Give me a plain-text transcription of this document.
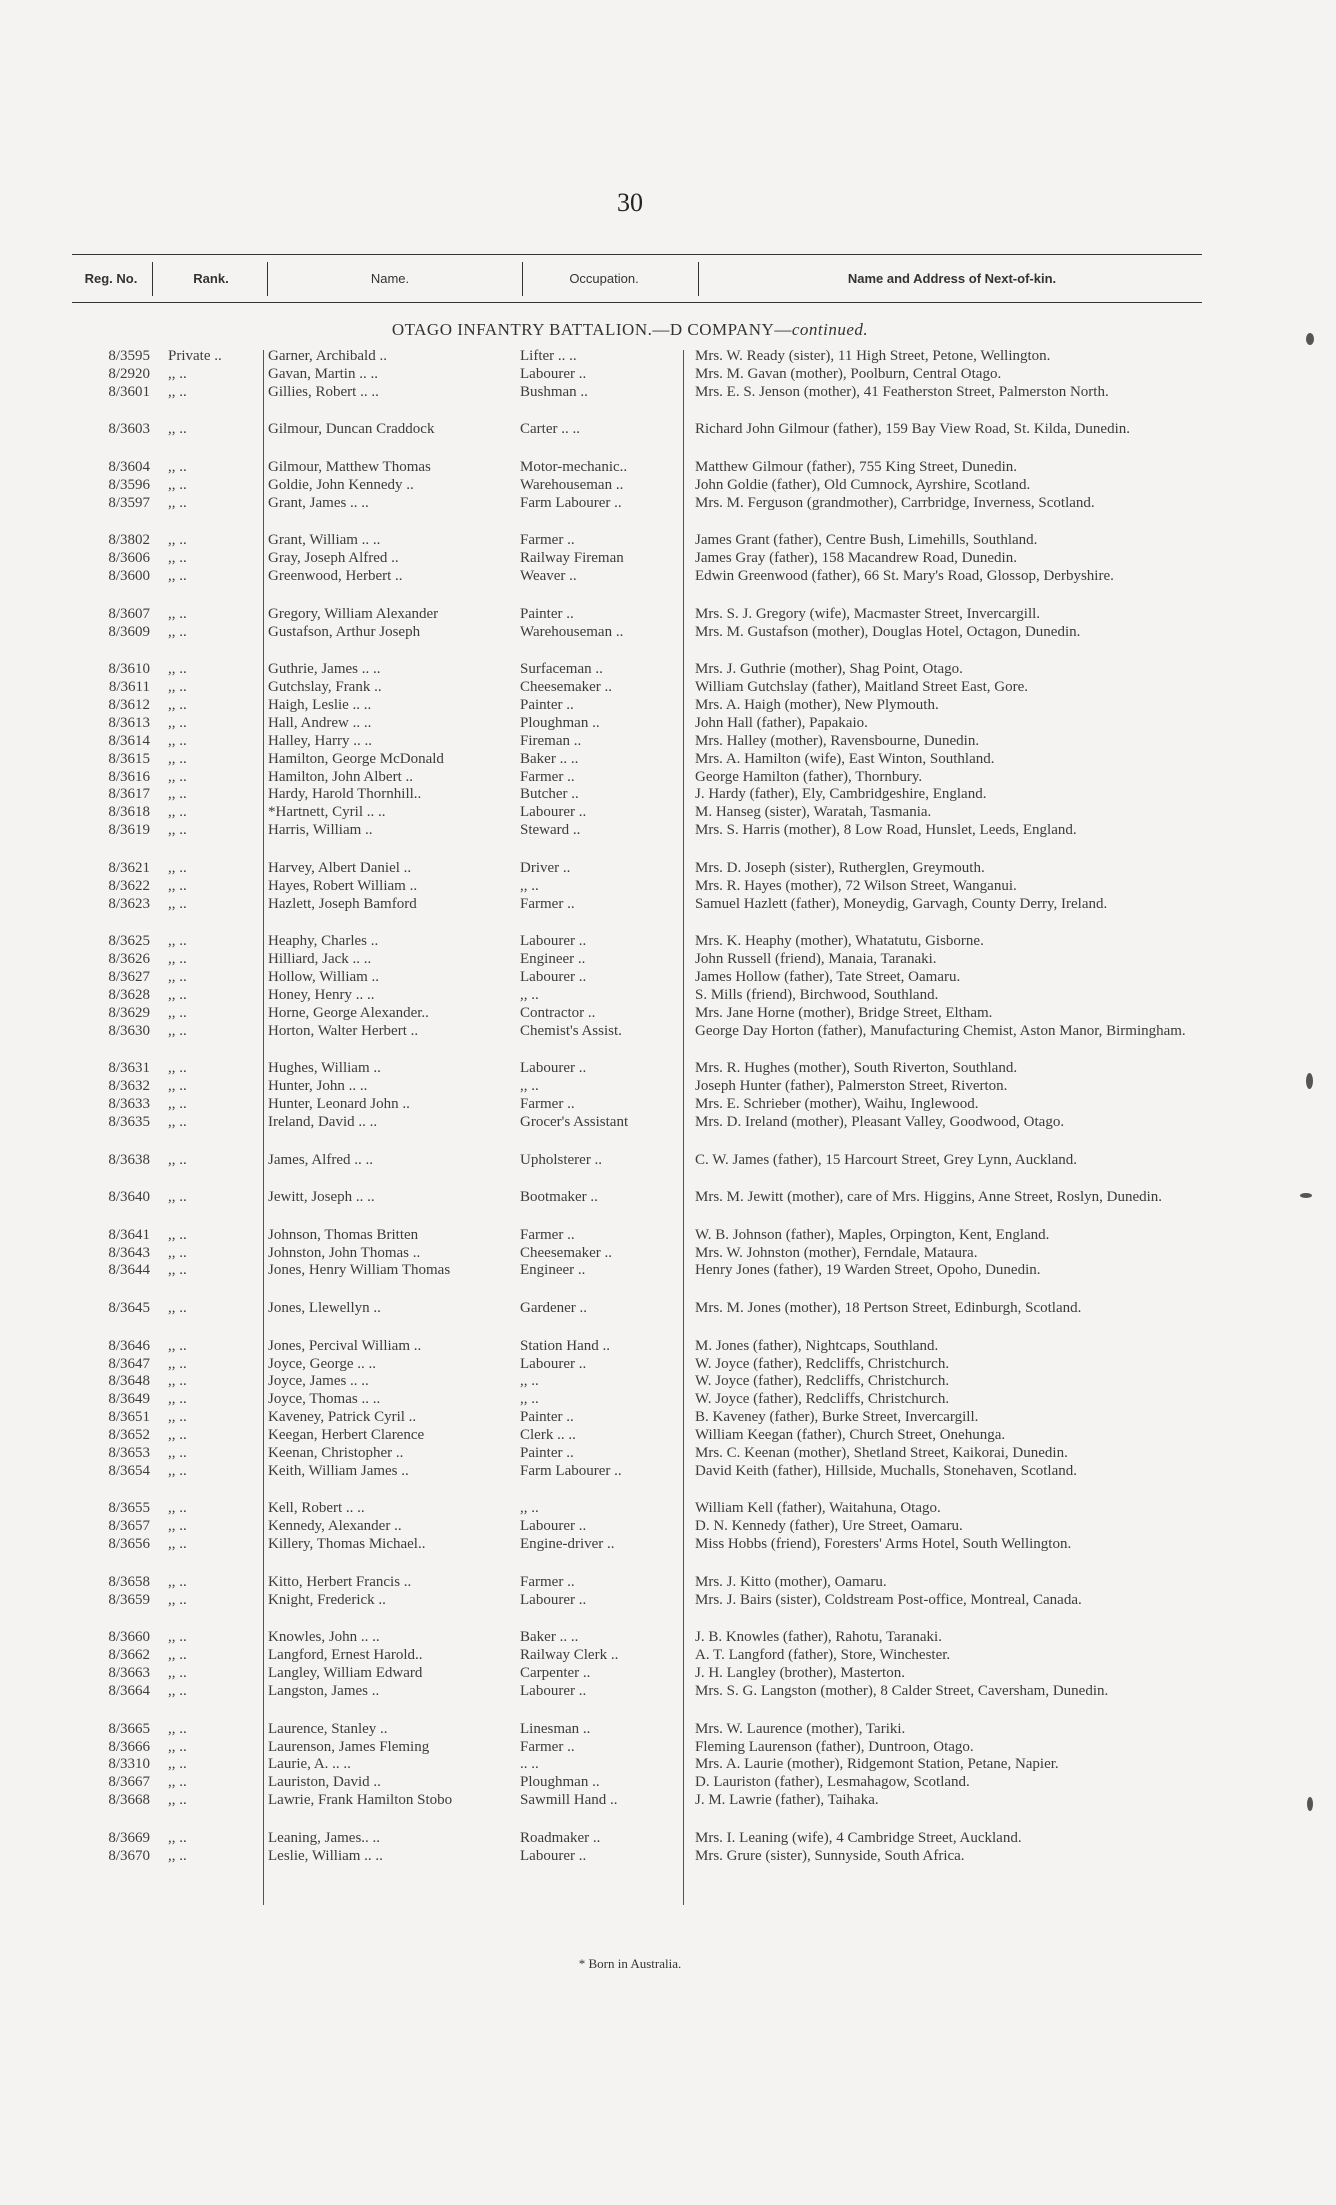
30
Reg. No.	Rank.	Name.	Occupation.	Name and Address of Next-of-kin.
OTAGO INFANTRY BATTALION.—D COMPANY—continued.
8/3595 Private ..	Garner, Archibald ..	Lifter .. ..	Mrs. W. Ready (sister), 11 High Street, Petone, Wellington.
8/2920 ,, ..	Gavan, Martin .. ..	Labourer ..	Mrs. M. Gavan (mother), Poolburn, Central Otago.
8/3601 ,, ..	Gillies, Robert .. ..	Bushman ..	Mrs. E. S. Jenson (mother), 41 Featherston Street, Palmerston North.
8/3603 ,, ..	Gilmour, Duncan Craddock	Carter .. ..	Richard John Gilmour (father), 159 Bay View Road, St. Kilda, Dunedin.
8/3604 ,, ..	Gilmour, Matthew Thomas	Motor-mechanic..	Matthew Gilmour (father), 755 King Street, Dunedin.
8/3596 ,, ..	Goldie, John Kennedy ..	Warehouseman ..	John Goldie (father), Old Cumnock, Ayrshire, Scotland.
8/3597 ,, ..	Grant, James .. ..	Farm Labourer ..	Mrs. M. Ferguson (grandmother), Carrbridge, Inverness, Scotland.
8/3802 ,, ..	Grant, William .. ..	Farmer ..	James Grant (father), Centre Bush, Limehills, Southland.
8/3606 ,, ..	Gray, Joseph Alfred ..	Railway Fireman	James Gray (father), 158 Macandrew Road, Dunedin.
8/3600 ,, ..	Greenwood, Herbert ..	Weaver ..	Edwin Greenwood (father), 66 St. Mary's Road, Glossop, Derbyshire.
8/3607 ,, ..	Gregory, William Alexander	Painter ..	Mrs. S. J. Gregory (wife), Macmaster Street, Invercargill.
8/3609 ,, ..	Gustafson, Arthur Joseph	Warehouseman ..	Mrs. M. Gustafson (mother), Douglas Hotel, Octagon, Dunedin.
8/3610 ,, ..	Guthrie, James .. ..	Surfaceman ..	Mrs. J. Guthrie (mother), Shag Point, Otago.
8/3611 ,, ..	Gutchslay, Frank ..	Cheesemaker ..	William Gutchslay (father), Maitland Street East, Gore.
8/3612 ,, ..	Haigh, Leslie .. ..	Painter ..	Mrs. A. Haigh (mother), New Plymouth.
8/3613 ,, ..	Hall, Andrew .. ..	Ploughman ..	John Hall (father), Papakaio.
8/3614 ,, ..	Halley, Harry .. ..	Fireman ..	Mrs. Halley (mother), Ravensbourne, Dunedin.
8/3615 ,, ..	Hamilton, George McDonald	Baker .. ..	Mrs. A. Hamilton (wife), East Winton, Southland.
8/3616 ,, ..	Hamilton, John Albert ..	Farmer ..	George Hamilton (father), Thornbury.
8/3617 ,, ..	Hardy, Harold Thornhill..	Butcher ..	J. Hardy (father), Ely, Cambridgeshire, England.
8/3618 ,, ..	*Hartnett, Cyril .. ..	Labourer ..	M. Hanseg (sister), Waratah, Tasmania.
8/3619 ,, ..	Harris, William ..	Steward ..	Mrs. S. Harris (mother), 8 Low Road, Hunslet, Leeds, England.
8/3621 ,, ..	Harvey, Albert Daniel ..	Driver ..	Mrs. D. Joseph (sister), Rutherglen, Greymouth.
8/3622 ,, ..	Hayes, Robert William ..	,, ..	Mrs. R. Hayes (mother), 72 Wilson Street, Wanganui.
8/3623 ,, ..	Hazlett, Joseph Bamford	Farmer ..	Samuel Hazlett (father), Moneydig, Garvagh, County Derry, Ireland.
8/3625 ,, ..	Heaphy, Charles ..	Labourer ..	Mrs. K. Heaphy (mother), Whatatutu, Gisborne.
8/3626 ,, ..	Hilliard, Jack .. ..	Engineer ..	John Russell (friend), Manaia, Taranaki.
8/3627 ,, ..	Hollow, William ..	Labourer ..	James Hollow (father), Tate Street, Oamaru.
8/3628 ,, ..	Honey, Henry .. ..	,, ..	S. Mills (friend), Birchwood, Southland.
8/3629 ,, ..	Horne, George Alexander..	Contractor ..	Mrs. Jane Horne (mother), Bridge Street, Eltham.
8/3630 ,, ..	Horton, Walter Herbert ..	Chemist's Assist.	George Day Horton (father), Manufacturing Chemist, Aston Manor, Birmingham.
8/3631 ,, ..	Hughes, William ..	Labourer ..	Mrs. R. Hughes (mother), South Riverton, Southland.
8/3632 ,, ..	Hunter, John .. ..	,, ..	Joseph Hunter (father), Palmerston Street, Riverton.
8/3633 ,, ..	Hunter, Leonard John ..	Farmer ..	Mrs. E. Schrieber (mother), Waihu, Inglewood.
8/3635 ,, ..	Ireland, David .. ..	Grocer's Assistant	Mrs. D. Ireland (mother), Pleasant Valley, Goodwood, Otago.
8/3638 ,, ..	James, Alfred .. ..	Upholsterer ..	C. W. James (father), 15 Harcourt Street, Grey Lynn, Auckland.
8/3640 ,, ..	Jewitt, Joseph .. ..	Bootmaker ..	Mrs. M. Jewitt (mother), care of Mrs. Higgins, Anne Street, Roslyn, Dunedin.
8/3641 ,, ..	Johnson, Thomas Britten	Farmer ..	W. B. Johnson (father), Maples, Orpington, Kent, England.
8/3643 ,, ..	Johnston, John Thomas ..	Cheesemaker ..	Mrs. W. Johnston (mother), Ferndale, Mataura.
8/3644 ,, ..	Jones, Henry William Thomas	Engineer ..	Henry Jones (father), 19 Warden Street, Opoho, Dunedin.
8/3645 ,, ..	Jones, Llewellyn ..	Gardener ..	Mrs. M. Jones (mother), 18 Pertson Street, Edinburgh, Scotland.
8/3646 ,, ..	Jones, Percival William ..	Station Hand ..	M. Jones (father), Nightcaps, Southland.
8/3647 ,, ..	Joyce, George .. ..	Labourer ..	W. Joyce (father), Redcliffs, Christchurch.
8/3648 ,, ..	Joyce, James .. ..	,, ..	W. Joyce (father), Redcliffs, Christchurch.
8/3649 ,, ..	Joyce, Thomas .. ..	,, ..	W. Joyce (father), Redcliffs, Christchurch.
8/3651 ,, ..	Kaveney, Patrick Cyril ..	Painter ..	B. Kaveney (father), Burke Street, Invercargill.
8/3652 ,, ..	Keegan, Herbert Clarence	Clerk .. ..	William Keegan (father), Church Street, Onehunga.
8/3653 ,, ..	Keenan, Christopher ..	Painter ..	Mrs. C. Keenan (mother), Shetland Street, Kaikorai, Dunedin.
8/3654 ,, ..	Keith, William James ..	Farm Labourer ..	David Keith (father), Hillside, Muchalls, Stonehaven, Scotland.
8/3655 ,, ..	Kell, Robert .. ..	,, ..	William Kell (father), Waitahuna, Otago.
8/3657 ,, ..	Kennedy, Alexander ..	Labourer ..	D. N. Kennedy (father), Ure Street, Oamaru.
8/3656 ,, ..	Killery, Thomas Michael..	Engine-driver ..	Miss Hobbs (friend), Foresters' Arms Hotel, South Wellington.
8/3658 ,, ..	Kitto, Herbert Francis ..	Farmer ..	Mrs. J. Kitto (mother), Oamaru.
8/3659 ,, ..	Knight, Frederick ..	Labourer ..	Mrs. J. Bairs (sister), Coldstream Post-office, Montreal, Canada.
8/3660 ,, ..	Knowles, John .. ..	Baker .. ..	J. B. Knowles (father), Rahotu, Taranaki.
8/3662 ,, ..	Langford, Ernest Harold..	Railway Clerk ..	A. T. Langford (father), Store, Winchester.
8/3663 ,, ..	Langley, William Edward	Carpenter ..	J. H. Langley (brother), Masterton.
8/3664 ,, ..	Langston, James ..	Labourer ..	Mrs. S. G. Langston (mother), 8 Calder Street, Caversham, Dunedin.
8/3665 ,, ..	Laurence, Stanley ..	Linesman ..	Mrs. W. Laurence (mother), Tariki.
8/3666 ,, ..	Laurenson, James Fleming	Farmer ..	Fleming Laurenson (father), Duntroon, Otago.
8/3310 ,, ..	Laurie, A. .. ..	.. ..	Mrs. A. Laurie (mother), Ridgemont Station, Petane, Napier.
8/3667 ,, ..	Lauriston, David ..	Ploughman ..	D. Lauriston (father), Lesmahagow, Scotland.
8/3668 ,, ..	Lawrie, Frank Hamilton Stobo	Sawmill Hand ..	J. M. Lawrie (father), Taihaka.
8/3669 ,, ..	Leaning, James.. ..	Roadmaker ..	Mrs. I. Leaning (wife), 4 Cambridge Street, Auckland.
8/3670 ,, ..	Leslie, William .. ..	Labourer ..	Mrs. Grure (sister), Sunnyside, South Africa.
* Born in Australia.
